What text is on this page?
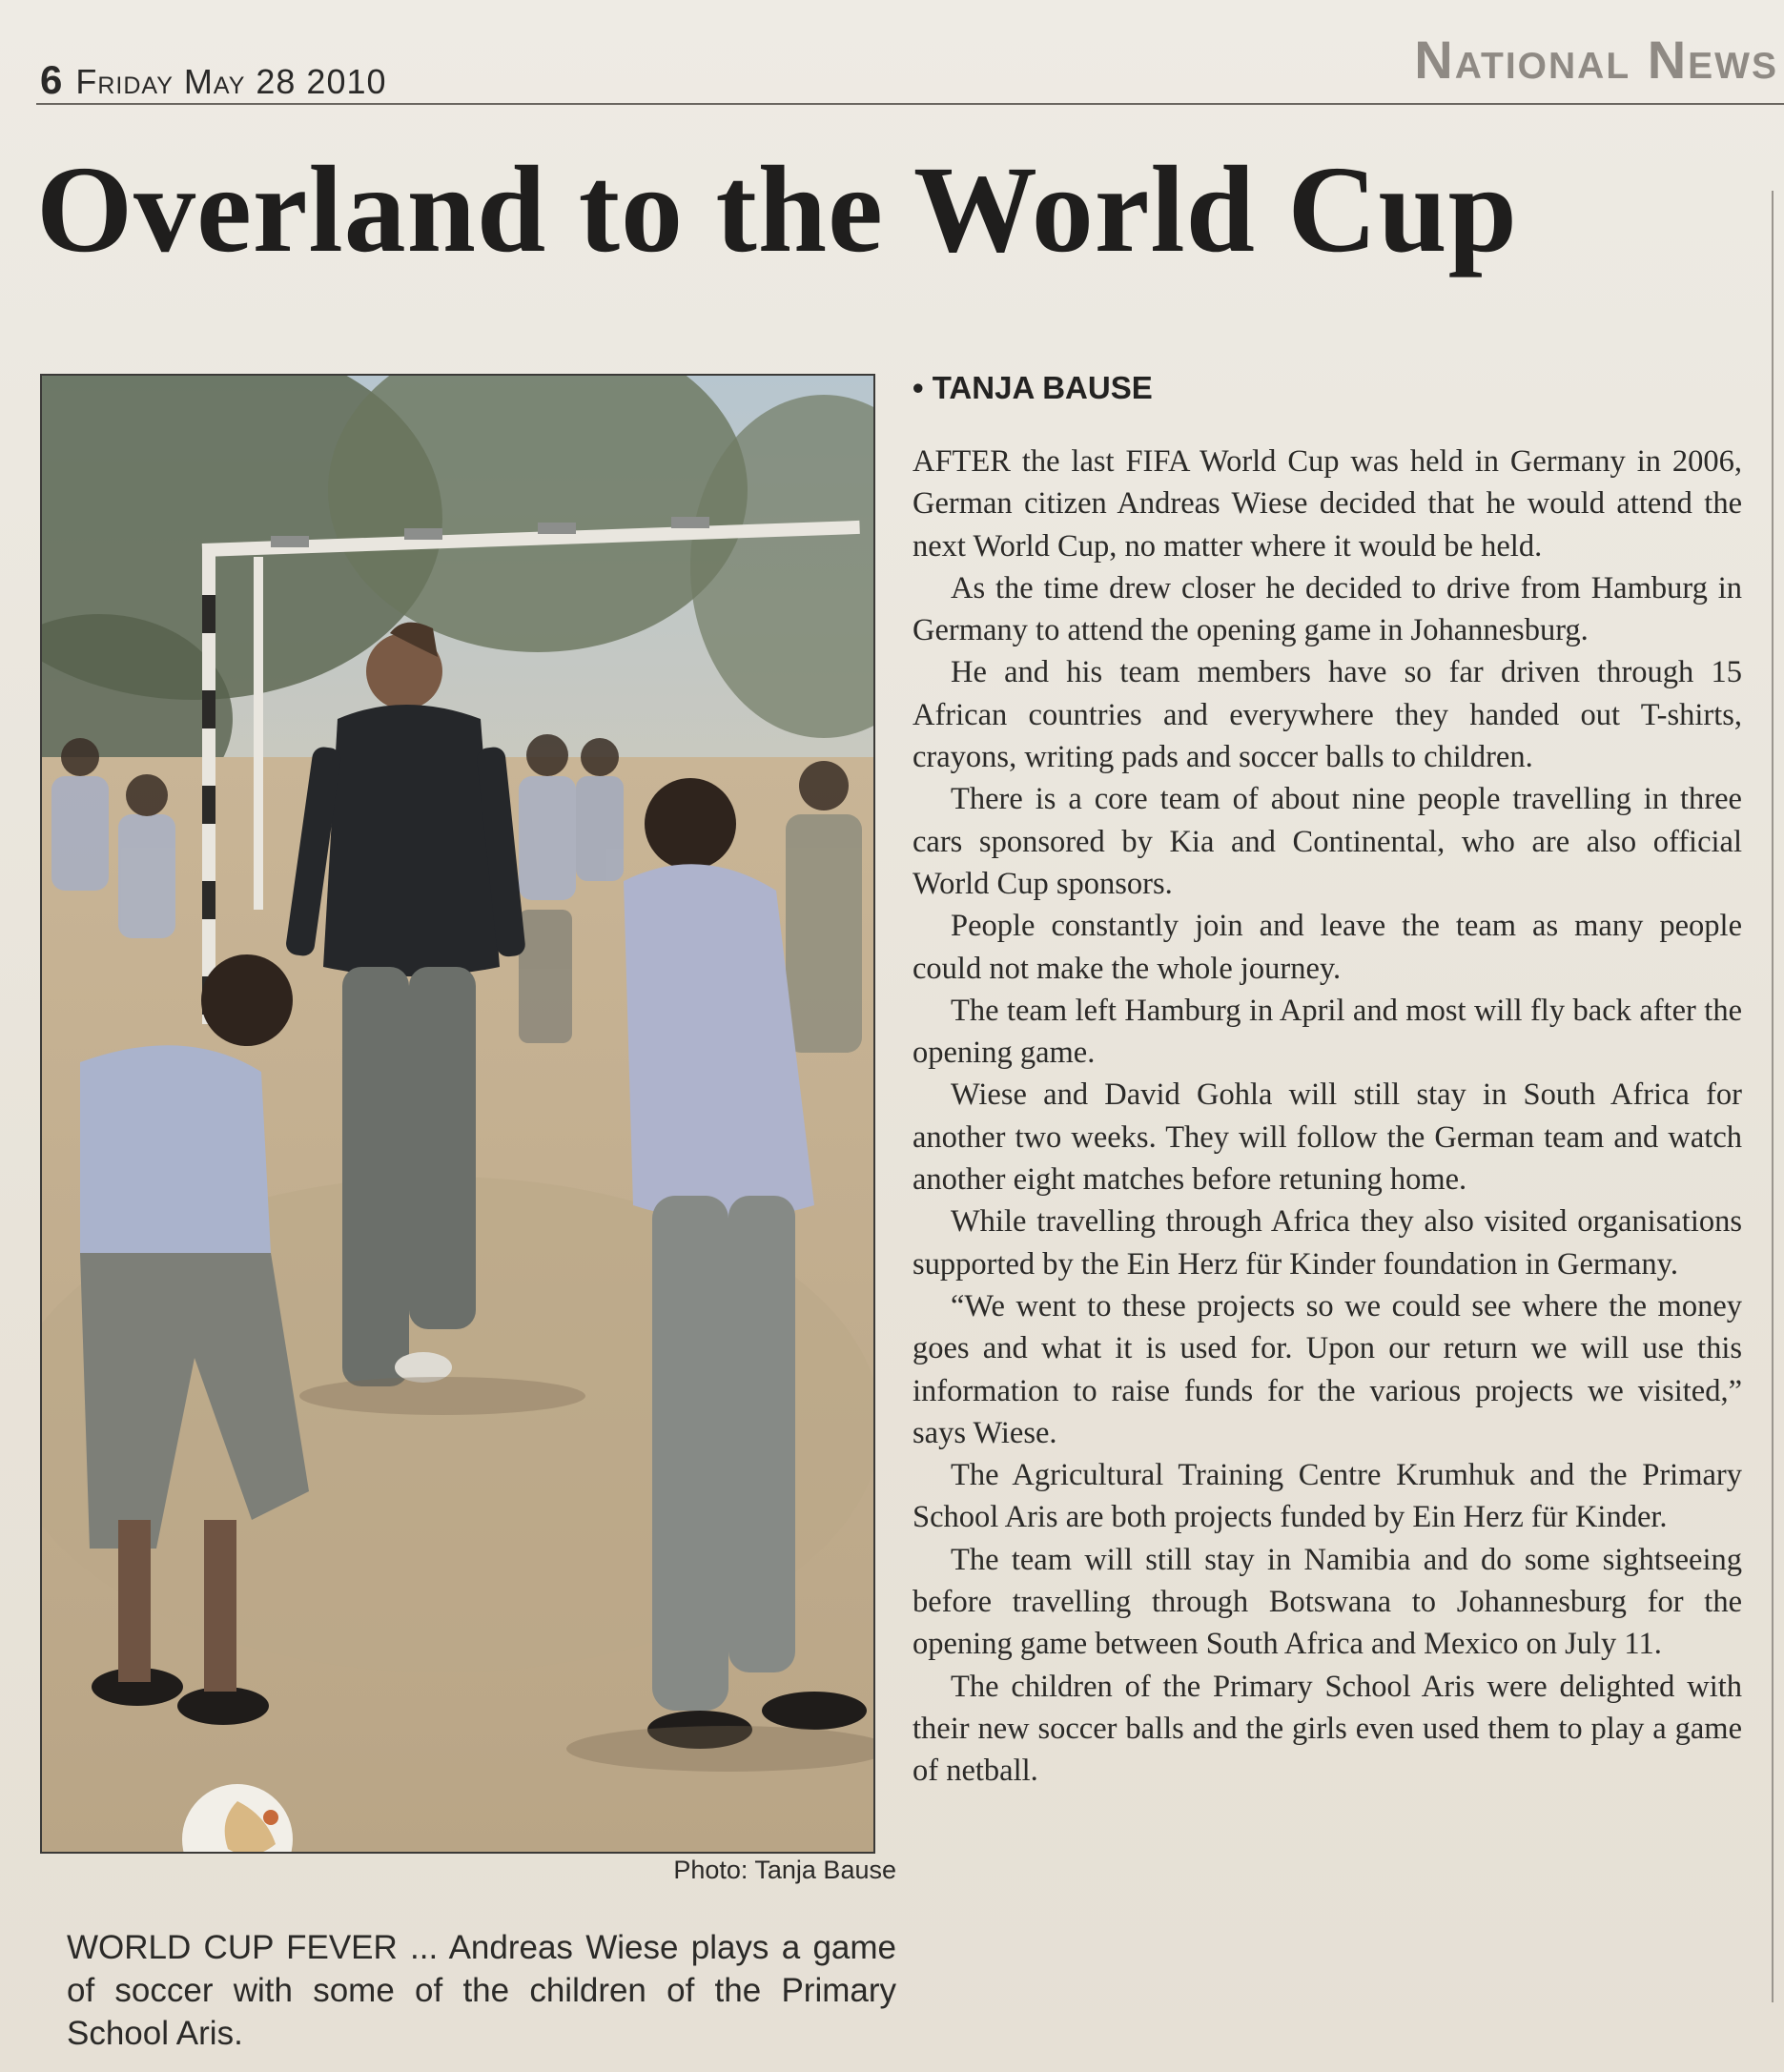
6 Friday May 28 2010	National News
Overland to the World Cup
Photo: Tanja Bause
WORLD CUP FEVER ... Andreas Wiese plays a game of soccer with some of the children of the Primary School Aris.
• TANJA BAUSE

AFTER the last FIFA World Cup was held in Germany in 2006, German citizen Andreas Wiese decided that he would attend the next World Cup, no matter where it would be held.

As the time drew closer he decided to drive from Hamburg in Germany to attend the opening game in Johannesburg.

He and his team members have so far driven through 15 African countries and everywhere they handed out T-shirts, crayons, writing pads and soccer balls to children.

There is a core team of about nine people travelling in three cars sponsored by Kia and Continental, who are also official World Cup sponsors.

People constantly join and leave the team as many people could not make the whole journey.

The team left Hamburg in April and most will fly back after the opening game.

Wiese and David Gohla will still stay in South Africa for another two weeks. They will follow the German team and watch another eight matches before retuning home.

While travelling through Africa they also visited organisations supported by the Ein Herz für Kinder foundation in Germany.

“We went to these projects so we could see where the money goes and what it is used for. Upon our return we will use this information to raise funds for the various projects we visited,” says Wiese.

The Agricultural Training Centre Krumhuk and the Primary School Aris are both projects funded by Ein Herz für Kinder.

The team will still stay in Namibia and do some sightseeing before travelling through Botswana to Johannesburg for the opening game between South Africa and Mexico on July 11.

The children of the Primary School Aris were delighted with their new soccer balls and the girls even used them to play a game of netball.
